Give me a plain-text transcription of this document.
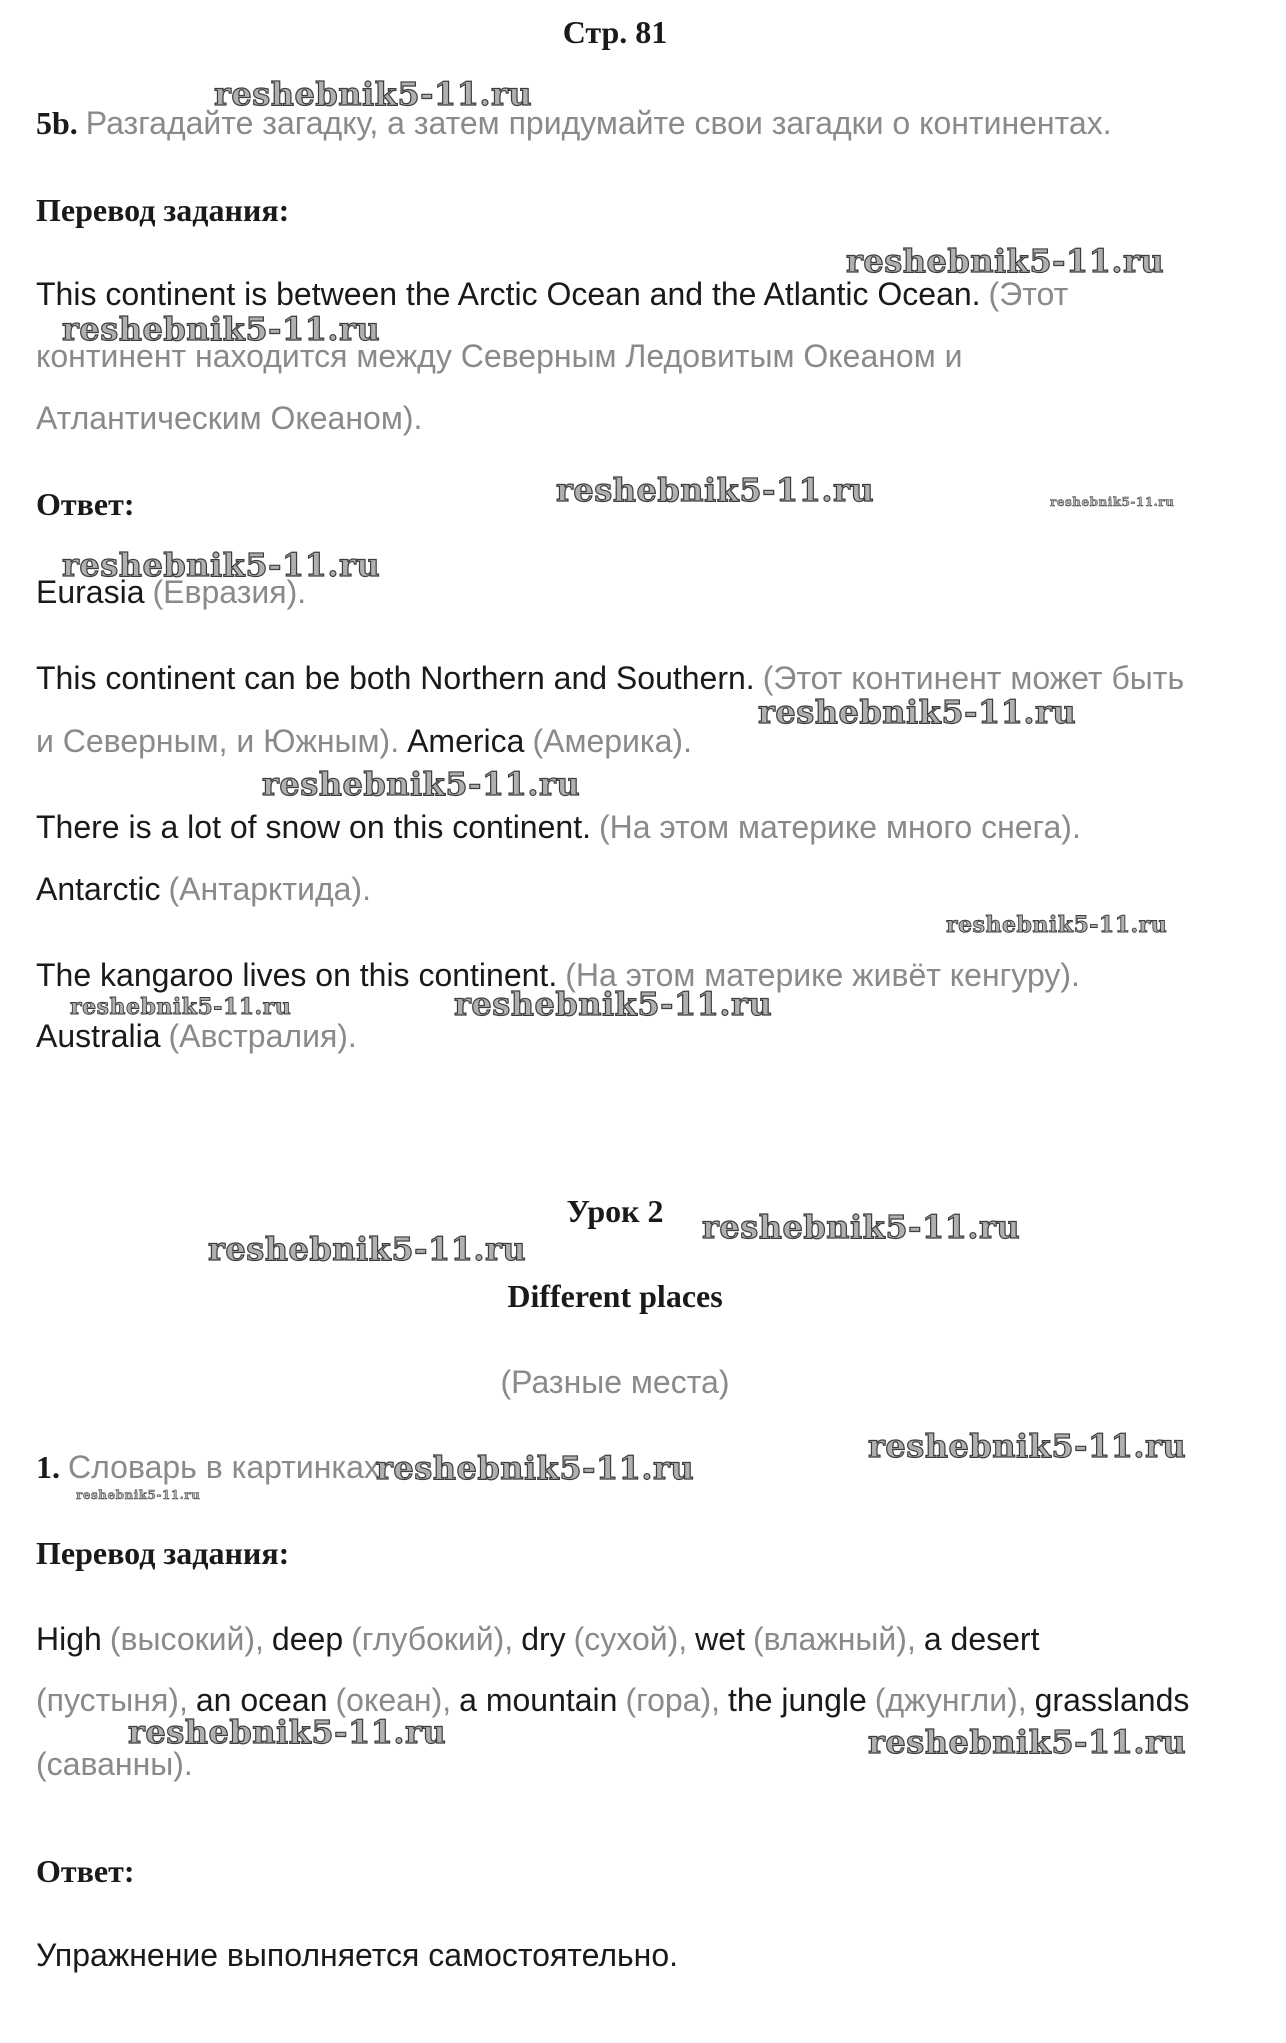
Стр. 81
5b. Разгадайте загадку, а затем придумайте свои загадки о континентах.
Перевод задания:
This continent is between the Arctic Ocean and the Atlantic Ocean. (Этот
континент находится между Северным Ледовитым Океаном и
Атлантическим Океаном).
Ответ:
Eurasia (Евразия).
This continent can be both Northern and Southern. (Этот континент может быть
и Северным, и Южным). America (Америка).
There is a lot of snow on this continent. (На этом материке много снега).
Antarctic (Антарктида).
The kangaroo lives on this continent. (На этом материке живёт кенгуру).
Australia (Австралия).
Урок 2
Different places
(Разные места)
1. Словарь в картинках
Перевод задания:
High (высокий), deep (глубокий), dry (сухой), wet (влажный), a desert
(пустыня), an ocean (океан), a mountain (гора), the jungle (джунгли), grasslands
(саванны).
Ответ:
Упражнение выполняется самостоятельно.
reshebnik5-11.ru
reshebnik5-11.ru
reshebnik5-11.ru
reshebnik5-11.ru	reshebnik5-11.ru
reshebnik5-11.ru
reshebnik5-11.ru
reshebnik5-11.ru
reshebnik5-11.ru
reshebnik5-11.ru	reshebnik5-11.ru
reshebnik5-11.ru
reshebnik5-11.ru
reshebnik5-11.ru
reshebnik5-11.ru
reshebnik5-11.ru
reshebnik5-11.ru	reshebnik5-11.ru
